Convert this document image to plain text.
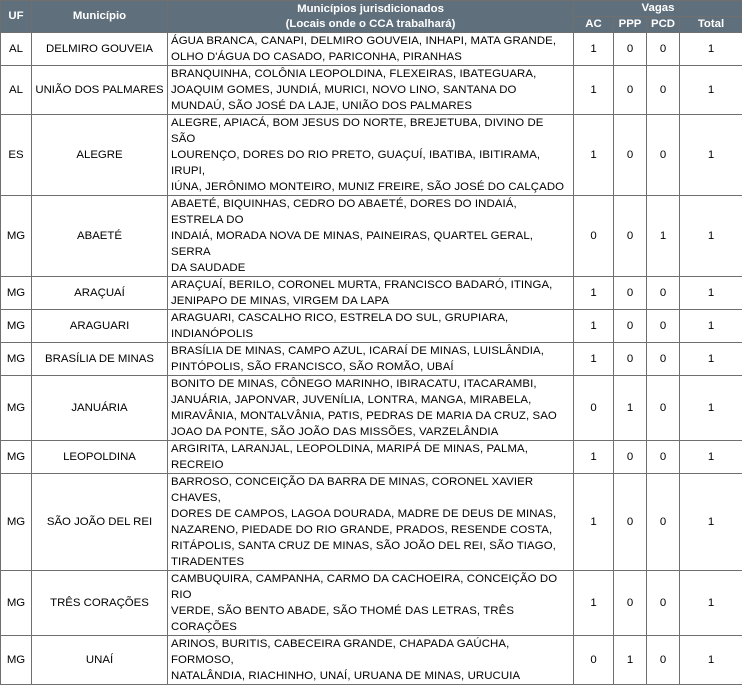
UF	Município	Municípios jurisdicionados
(Locais onde o CCA trabalhará)	Vagas			
			AC	PPP	PCD	Total
AL	DELMIRO GOUVEIA	ÁGUA BRANCA, CANAPI, DELMIRO GOUVEIA, INHAPI, MATA GRANDE,
OLHO D'ÁGUA DO CASADO, PARICONHA, PIRANHAS	1	0	0	1
AL	UNIÃO DOS PALMARES	BRANQUINHA, COLÔNIA LEOPOLDINA, FLEXEIRAS, IBATEGUARA,
JOAQUIM GOMES, JUNDIÁ, MURICI, NOVO LINO, SANTANA DO
MUNDAÚ, SÃO JOSÉ DA LAJE, UNIÃO DOS PALMARES	1	0	0	1
ES	ALEGRE	ALEGRE, APIACÁ, BOM JESUS DO NORTE, BREJETUBA, DIVINO DE SÃO
LOURENÇO, DORES DO RIO PRETO, GUAÇUÍ, IBATIBA, IBITIRAMA, IRUPI,
IÚNA, JERÔNIMO MONTEIRO, MUNIZ FREIRE, SÃO JOSÉ DO CALÇADO	1	0	0	1
MG	ABAETÉ	ABAETÉ, BIQUINHAS, CEDRO DO ABAETÉ, DORES DO INDAIÁ, ESTRELA DO
INDAIÁ, MORADA NOVA DE MINAS, PAINEIRAS, QUARTEL GERAL, SERRA
DA SAUDADE	0	0	1	1
MG	ARAÇUAÍ	ARAÇUAÍ, BERILO, CORONEL MURTA, FRANCISCO BADARÓ, ITINGA,
JENIPAPO DE MINAS, VIRGEM DA LAPA	1	0	0	1
MG	ARAGUARI	ARAGUARI, CASCALHO RICO, ESTRELA DO SUL, GRUPIARA, INDIANÓPOLIS	1	0	0	1
MG	BRASÍLIA DE MINAS	BRASÍLIA DE MINAS, CAMPO AZUL, ICARAÍ DE MINAS, LUISLÂNDIA,
PINTÓPOLIS, SÃO FRANCISCO, SÃO ROMÃO, UBAÍ	1	0	0	1
MG	JANUÁRIA	BONITO DE MINAS, CÔNEGO MARINHO, IBIRACATU, ITACARAMBI,
JANUÁRIA, JAPONVAR, JUVENÍLIA, LONTRA, MANGA, MIRABELA,
MIRAVÂNIA, MONTALVÂNIA, PATIS, PEDRAS DE MARIA DA CRUZ, SAO
JOAO DA PONTE, SÃO JOÃO DAS MISSÕES, VARZELÂNDIA	0	1	0	1
MG	LEOPOLDINA	ARGIRITA, LARANJAL, LEOPOLDINA, MARIPÁ DE MINAS, PALMA, RECREIO	1	0	0	1
MG	SÃO JOÃO DEL REI	BARROSO, CONCEIÇÃO DA BARRA DE MINAS, CORONEL XAVIER CHAVES,
DORES DE CAMPOS, LAGOA DOURADA, MADRE DE DEUS DE MINAS,
NAZARENO, PIEDADE DO RIO GRANDE, PRADOS, RESENDE COSTA,
RITÁPOLIS, SANTA CRUZ DE MINAS, SÃO JOÃO DEL REI, SÃO TIAGO,
TIRADENTES	1	0	0	1
MG	TRÊS CORAÇÕES	CAMBUQUIRA, CAMPANHA, CARMO DA CACHOEIRA, CONCEIÇÃO DO RIO
VERDE, SÃO BENTO ABADE, SÃO THOMÉ DAS LETRAS, TRÊS CORAÇÕES	1	0	0	1
MG	UNAÍ	ARINOS, BURITIS, CABECEIRA GRANDE, CHAPADA GAÚCHA, FORMOSO,
NATALÂNDIA, RIACHINHO, UNAÍ, URUANA DE MINAS, URUCUIA	0	1	0	1
